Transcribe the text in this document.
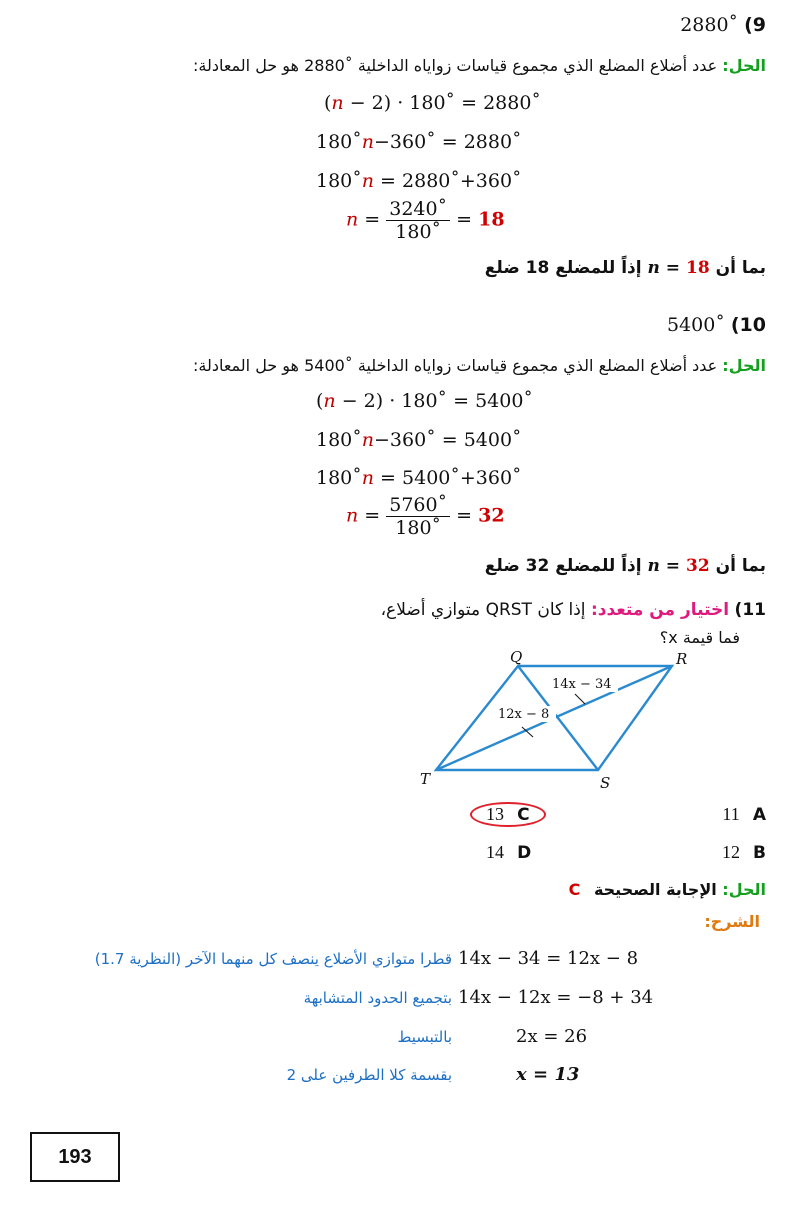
2880˚ (9
الحل: عدد أضلاع المضلع الذي مجموع قياسات زواياه الداخلية ˚2880 هو حل المعادلة:
(n − 2) · 180˚ = 2880˚
180˚n−360˚ = 2880˚
180˚n = 2880˚+360˚
$n = \frac{3240˚}{180˚} = 18$
إذاً للمضلع 18 ضلع n = 18 بما أن
5400˚ (10
الحل: عدد أضلاع المضلع الذي مجموع قياسات زواياه الداخلية ˚5400 هو حل المعادلة:
(n − 2) · 180˚ = 5400˚
180˚n−360˚ = 5400˚
180˚n = 5400˚+360˚
$n = \frac{5760˚}{180˚} = 32$
إذاً للمضلع 32 ضلع n = 32 بما أن
11) اختيار من متعدد: إذا كان QRST متوازي أضلاع،
فما قيمة x؟
Q	R
S
T
14x − 34
12x − 8
11 A
12 B
13 C
14 D
الحل: الإجابة الصحيحة C
الشرح:
14x − 34 = 12x − 8
قطرا متوازي الأضلاع ينصف كل منهما الآخر (النظرية 1.7)
14x − 12x = −8 + 34
بتجميع الحدود المتشابهة
2x = 26
بالتبسيط
x = 13
بقسمة كلا الطرفين على 2
193
